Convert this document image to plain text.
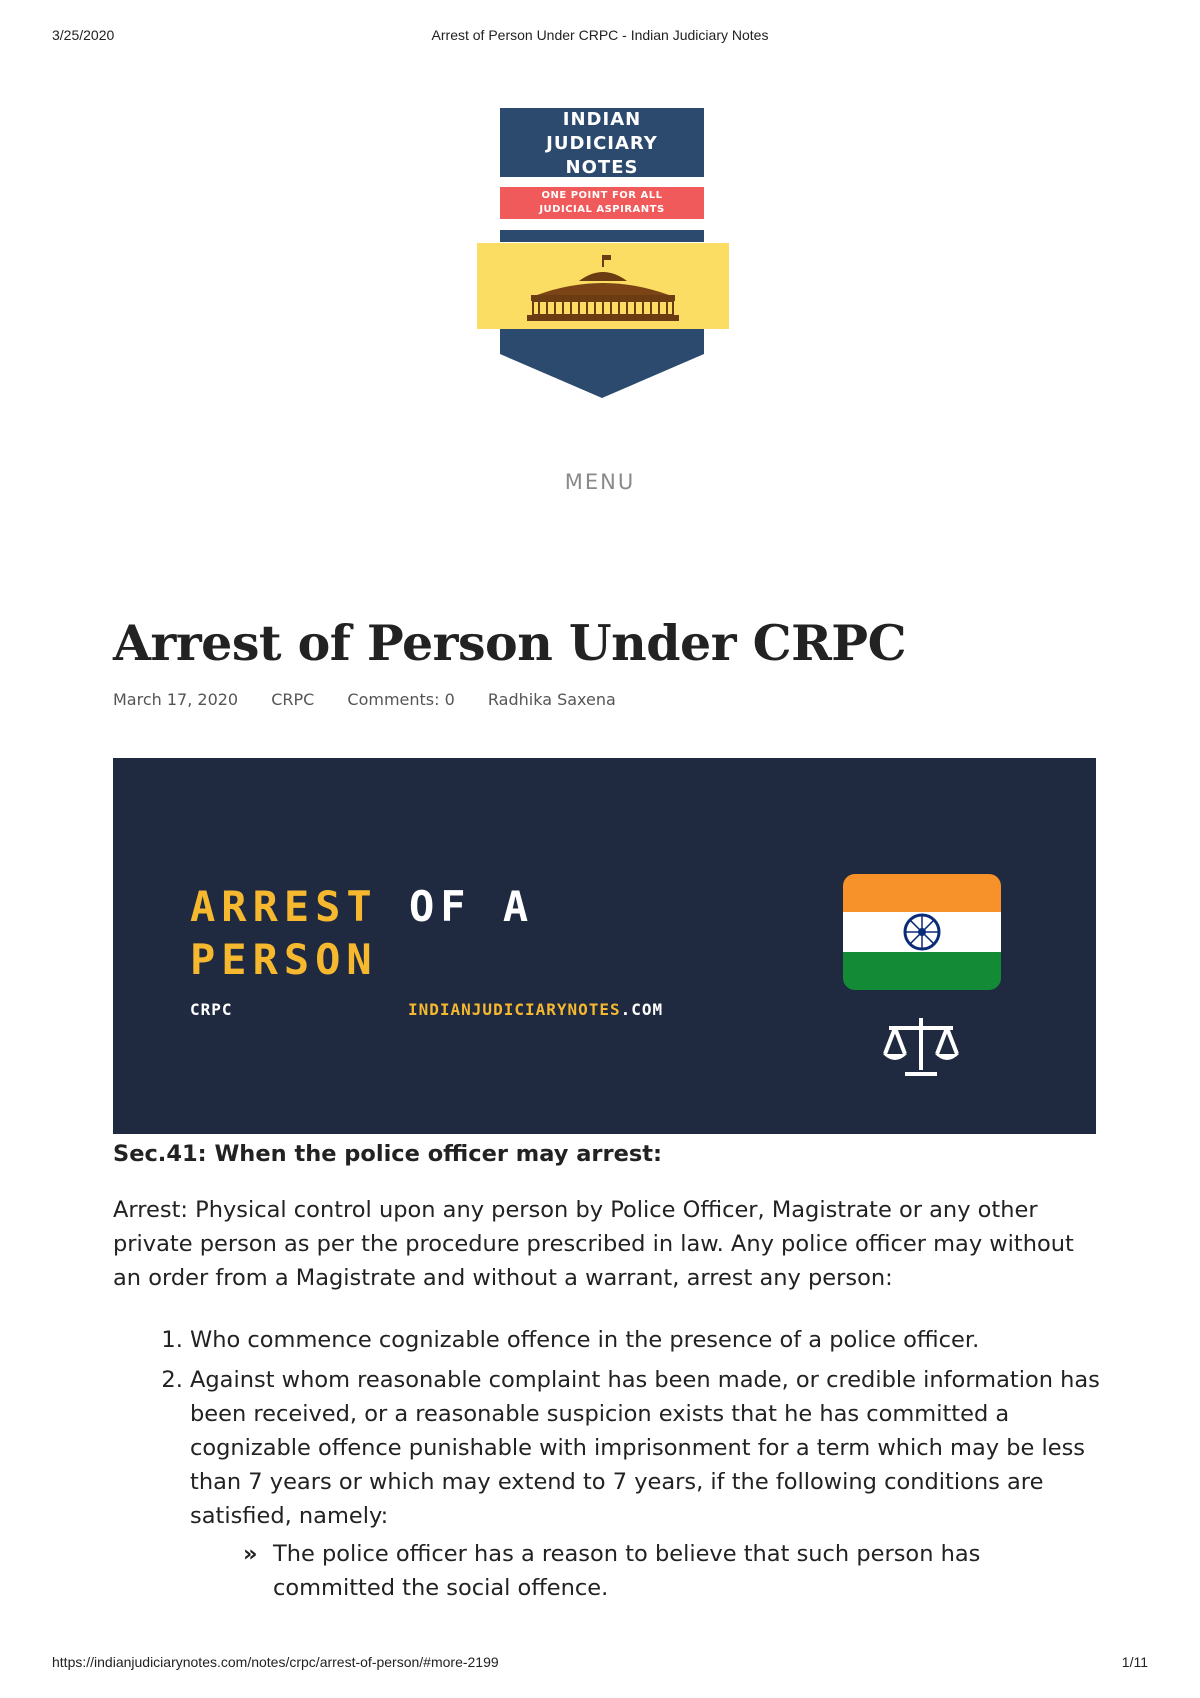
3/25/2020	Arrest of Person Under CRPC - Indian Judiciary Notes
INDIAN
JUDICIARY
NOTES
ONE POINT FOR ALL
JUDICIAL ASPIRANTS
MENU
Arrest of Person Under CRPC
March 17, 2020 CRPC Comments: 0 Radhika Saxena
ARREST OF A
PERSON
CRPC	INDIANJUDICIARYNOTES.COM

Sec.41: When the police officer may arrest:

Arrest: Physical control upon any person by Police Officer, Magistrate or any other private person as per the procedure prescribed in law. Any police officer may without an order from a Magistrate and without a warrant, arrest any person:

1. Who commence cognizable offence in the presence of a police officer.
2. Against whom reasonable complaint has been made, or credible information has been received, or a reasonable suspicion exists that he has committed a cognizable offence punishable with imprisonment for a term which may be less than 7 years or which may extend to 7 years, if the following conditions are satisfied, namely:
» The police officer has a reason to believe that such person has committed the social offence.
https://indianjudiciarynotes.com/notes/crpc/arrest-of-person/#more-2199	1/11
